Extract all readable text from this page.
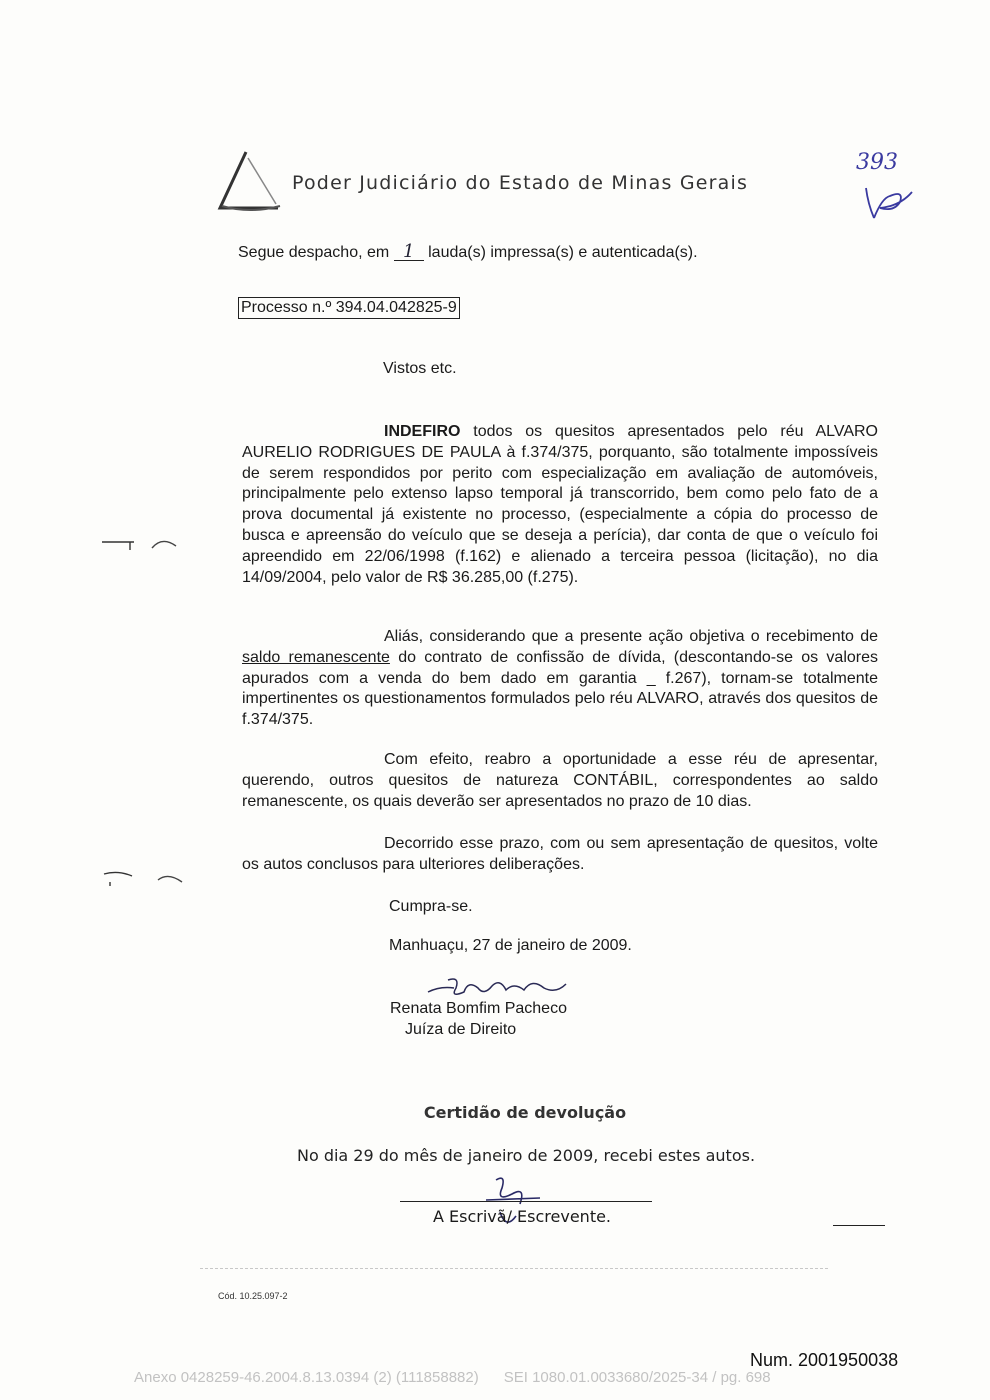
Poder Judiciário do Estado de Minas Gerais
393
Segue despacho, em 1 lauda(s) impressa(s) e autenticada(s).
Processo n.º 394.04.042825-9
Vistos etc.
INDEFIRO todos os quesitos apresentados pelo réu ALVARO AURELIO RODRIGUES DE PAULA à f.374/375, porquanto, são totalmente impossíveis de serem respondidos por perito com especialização em avaliação de automóveis, principalmente pelo extenso lapso temporal já transcorrido, bem como pelo fato de a prova documental já existente no processo, (especialmente a cópia do processo de busca e apreensão do veículo que se deseja a perícia), dar conta de que o veículo foi apreendido em 22/06/1998 (f.162) e alienado a terceira pessoa (licitação), no dia 14/09/2004, pelo valor de R$ 36.285,00 (f.275).
Aliás, considerando que a presente ação objetiva o recebimento de saldo remanescente do contrato de confissão de dívida, (descontando-se os valores apurados com a venda do bem dado em garantia _ f.267), tornam-se totalmente impertinentes os questionamentos formulados pelo réu ALVARO, através dos quesitos de f.374/375.
Com efeito, reabro a oportunidade a esse réu de apresentar, querendo, outros quesitos de natureza CONTÁBIL, correspondentes ao saldo remanescente, os quais deverão ser apresentados no prazo de 10 dias.
Decorrido esse prazo, com ou sem apresentação de quesitos, volte os autos conclusos para ulteriores deliberações.
Cumpra-se.
Manhuaçu, 27 de janeiro de 2009.
Renata Bomfim Pacheco
Juíza de Direito
Certidão de devolução
No dia 29 do mês de janeiro de 2009, recebi estes autos.
A Escrivã/ Escrevente.
Cód. 10.25.097-2
Num. 2001950038
Anexo 0428259-46.2004.8.13.0394 (2) (111858882)      SEI 1080.01.0033680/2025-34 / pg. 698
